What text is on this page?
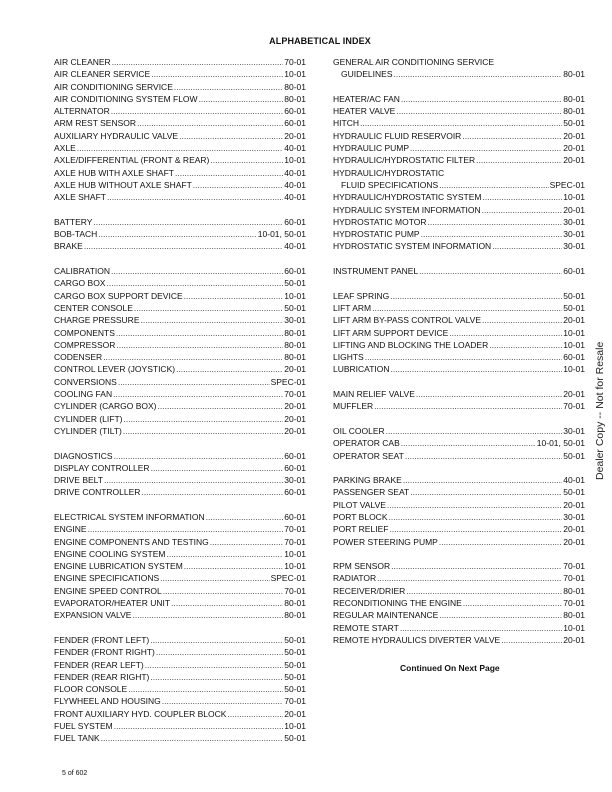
ALPHABETICAL INDEX
AIR CLEANER .....	70-01
AIR CLEANER SERVICE .....	10-01
AIR CONDITIONING SERVICE .....	80-01
AIR CONDITIONING SYSTEM FLOW .....	80-01
ALTERNATOR .....	60-01
ARM REST SENSOR .....	60-01
AUXILIARY HYDRAULIC VALVE .....	20-01
AXLE .....	40-01
AXLE/DIFFERENTIAL (FRONT & REAR) .....	10-01
AXLE HUB WITH AXLE SHAFT .....	40-01
AXLE HUB WITHOUT AXLE SHAFT .....	40-01
AXLE SHAFT .....	40-01
BATTERY .....	60-01
BOB-TACH .....	10-01, 50-01
BRAKE .....	40-01
CALIBRATION .....	60-01
CARGO BOX .....	50-01
CARGO BOX SUPPORT DEVICE .....	10-01
CENTER CONSOLE .....	50-01
CHARGE PRESSURE .....	30-01
COMPONENTS .....	80-01
COMPRESSOR .....	80-01
CODENSER .....	80-01
CONTROL LEVER (JOYSTICK) .....	20-01
CONVERSIONS .....	SPEC-01
COOLING FAN .....	70-01
CYLINDER (CARGO BOX) .....	20-01
CYLINDER (LIFT) .....	20-01
CYLINDER (TILT) .....	20-01
DIAGNOSTICS .....	60-01
DISPLAY CONTROLLER .....	60-01
DRIVE BELT .....	30-01
DRIVE CONTROLLER .....	60-01
ELECTRICAL SYSTEM INFORMATION .....	60-01
ENGINE .....	70-01
ENGINE COMPONENTS AND TESTING .....	70-01
ENGINE COOLING SYSTEM .....	10-01
ENGINE LUBRICATION SYSTEM .....	10-01
ENGINE SPECIFICATIONS .....	SPEC-01
ENGINE SPEED CONTROL .....	70-01
EVAPORATOR/HEATER UNIT .....	80-01
EXPANSION VALVE .....	80-01
FENDER (FRONT LEFT) .....	50-01
FENDER (FRONT RIGHT) .....	50-01
FENDER (REAR LEFT) .....	50-01
FENDER (REAR RIGHT) .....	50-01
FLOOR CONSOLE .....	50-01
FLYWHEEL AND HOUSING .....	70-01
FRONT AUXILIARY HYD. COUPLER BLOCK .....	20-01
FUEL SYSTEM .....	10-01
FUEL TANK .....	50-01
GENERAL AIR CONDITIONING SERVICE
GUIDELINES .....	80-01
HEATER/AC FAN .....	80-01
HEATER VALVE .....	80-01
HITCH .....	50-01
HYDRAULIC FLUID RESERVOIR .....	20-01
HYDRAULIC PUMP .....	20-01
HYDRAULIC/HYDROSTATIC FILTER .....	20-01
HYDRAULIC/HYDROSTATIC
FLUID SPECIFICATIONS .....	SPEC-01
HYDRAULIC/HYDROSTATIC SYSTEM .....	10-01
HYDRAULIC SYSTEM INFORMATION .....	20-01
HYDROSTATIC MOTOR .....	30-01
HYDROSTATIC PUMP .....	30-01
HYDROSTATIC SYSTEM INFORMATION .....	30-01
INSTRUMENT PANEL .....	60-01
LEAF SPRING .....	50-01
LIFT ARM .....	50-01
LIFT ARM BY-PASS CONTROL VALVE .....	20-01
LIFT ARM SUPPORT DEVICE .....	10-01
LIFTING AND BLOCKING THE LOADER .....	10-01
LIGHTS .....	60-01
LUBRICATION .....	10-01
MAIN RELIEF VALVE .....	20-01
MUFFLER .....	70-01
OIL COOLER .....	30-01
OPERATOR CAB .....	10-01, 50-01
OPERATOR SEAT .....	50-01
PARKING BRAKE .....	40-01
PASSENGER SEAT .....	50-01
PILOT VALVE .....	20-01
PORT BLOCK .....	30-01
PORT RELIEF .....	20-01
POWER STEERING PUMP .....	20-01
RPM SENSOR .....	70-01
RADIATOR .....	70-01
RECEIVER/DRIER .....	80-01
RECONDITIONING THE ENGINE .....	70-01
REGULAR MAINTENANCE .....	80-01
REMOTE START .....	10-01
REMOTE HYDRAULICS DIVERTER VALVE .....	20-01
Continued On Next Page
5 of 602
Dealer Copy -- Not for Resale
